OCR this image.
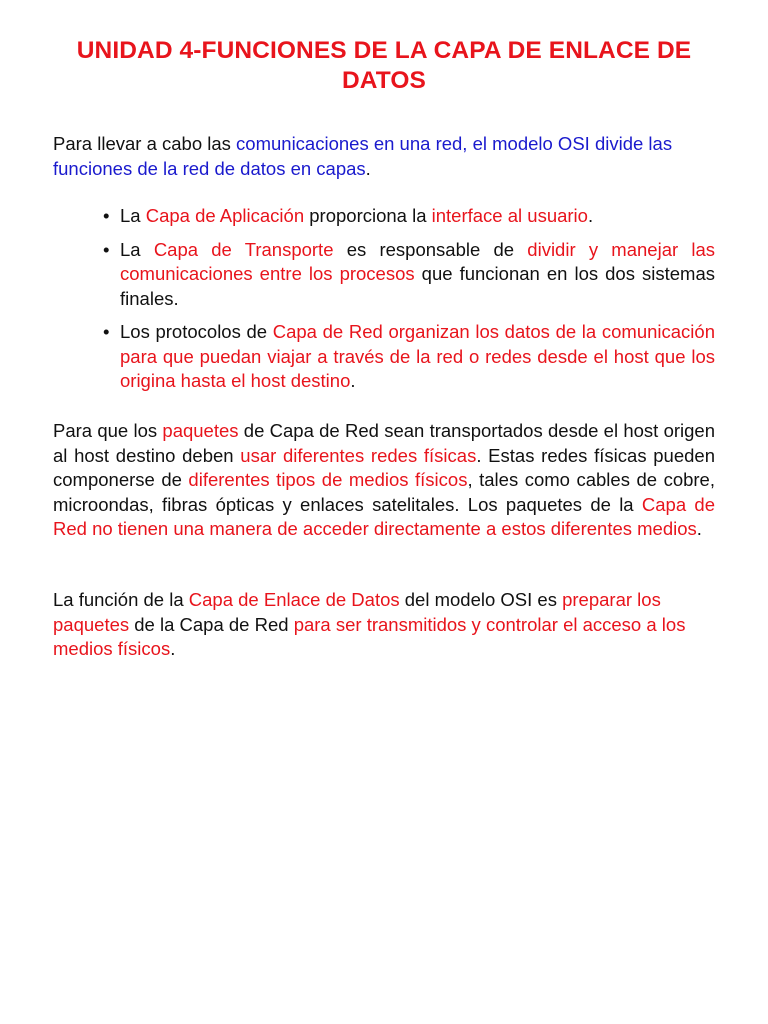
UNIDAD 4-FUNCIONES DE LA CAPA DE ENLACE DE DATOS

Para llevar a cabo las comunicaciones en una red, el modelo OSI divide las funciones de la red de datos en capas.

• La Capa de Aplicación proporciona la interface al usuario.
• La Capa de Transporte es responsable de dividir y manejar las comunicaciones entre los procesos que funcionan en los dos sistemas finales.
• Los protocolos de Capa de Red organizan los datos de la comunicación para que puedan viajar a través de la red o redes desde el host que los origina hasta el host destino.

Para que los paquetes de Capa de Red sean transportados desde el host origen al host destino deben usar diferentes redes físicas. Estas redes físicas pueden componerse de diferentes tipos de medios físicos, tales como cables de cobre, microondas, fibras ópticas y enlaces satelitales. Los paquetes de la Capa de Red no tienen una manera de acceder directamente a estos diferentes medios.

La función de la Capa de Enlace de Datos del modelo OSI es preparar los paquetes de la Capa de Red para ser transmitidos y controlar el acceso a los medios físicos.
